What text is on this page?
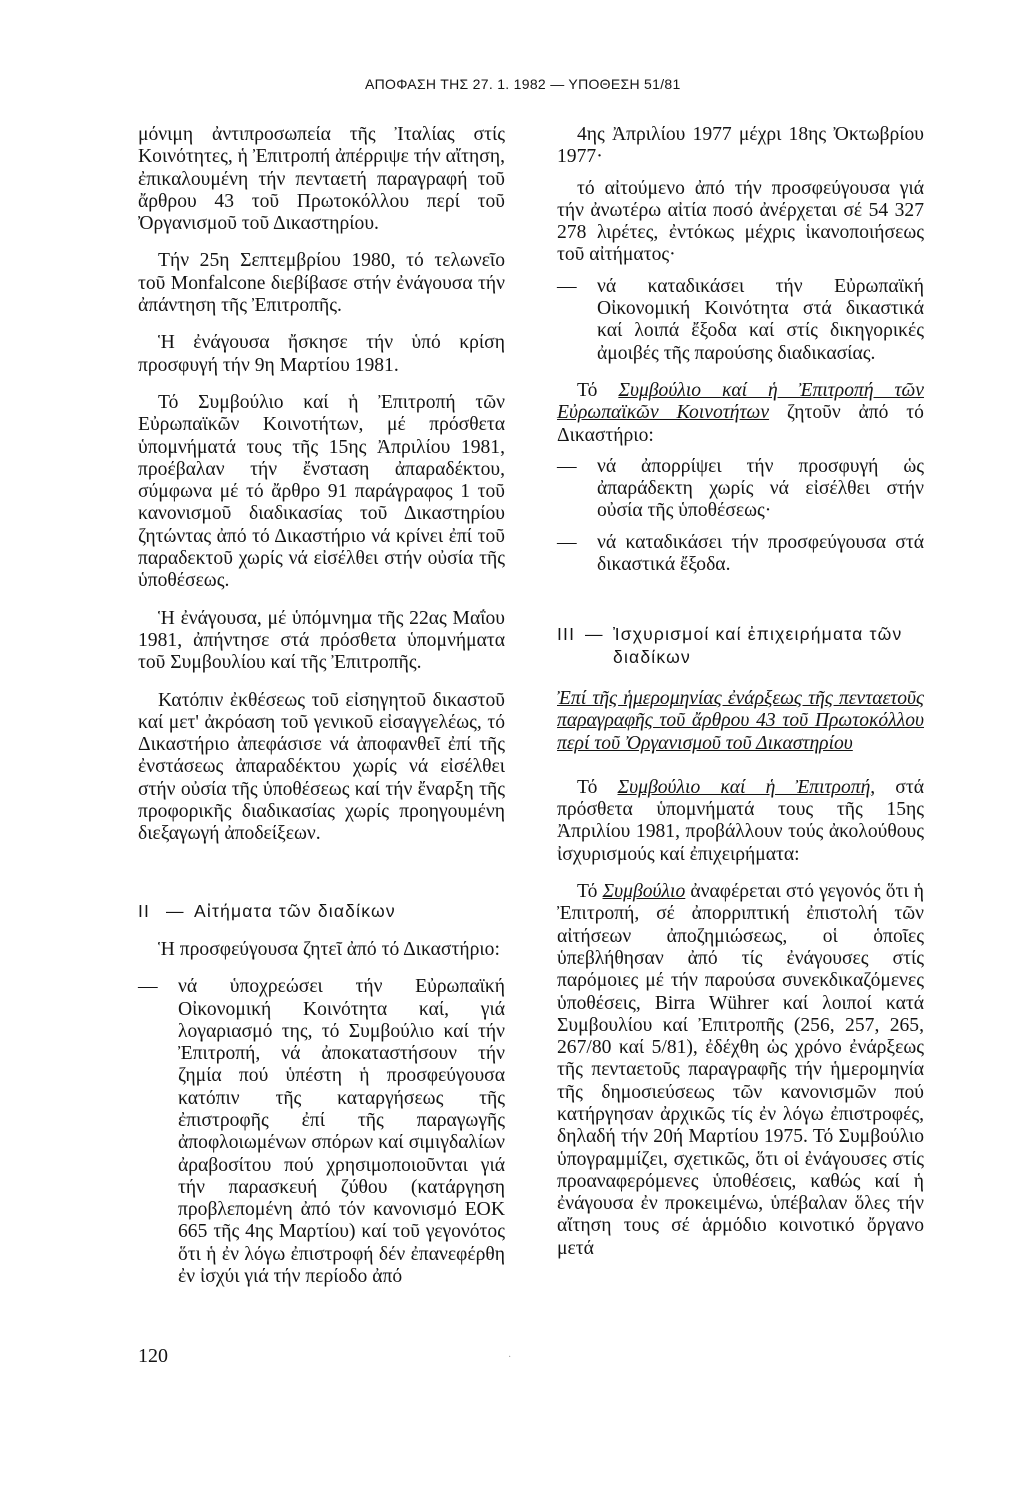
ΑΠΟΦΑΣΗ ΤΗΣ 27. 1. 1982 — ΥΠΟΘΕΣΗ 51/81

μόνιμη ἀντιπροσωπεία τῆς Ἰταλίας στίς Κοινότητες, ἡ Ἐπιτροπή ἀπέρριψε τήν αἴτηση, ἐπικαλουμένη τήν πενταετή παραγραφή τοῦ ἄρθρου 43 τοῦ Πρωτοκόλλου περί τοῦ Ὀργανισμοῦ τοῦ Δικαστηρίου.

Τήν 25η Σεπτεμβρίου 1980, τό τελωνεῖο τοῦ Monfalcone διεβίβασε στήν ἐνάγουσα τήν ἀπάντηση τῆς Ἐπιτροπῆς.

Ἡ ἐνάγουσα ἤσκησε τήν ὑπό κρίση προσφυγή τήν 9η Μαρτίου 1981.

Τό Συμβούλιο καί ἡ Ἐπιτροπή τῶν Εὐρωπαϊκῶν Κοινοτήτων, μέ πρόσθετα ὑπομνήματά τους τῆς 15ης Ἀπριλίου 1981, προέβαλαν τήν ἔνσταση ἀπαραδέκτου, σύμφωνα μέ τό ἄρθρο 91 παράγραφος 1 τοῦ κανονισμοῦ διαδικασίας τοῦ Δικαστηρίου ζητώντας ἀπό τό Δικαστήριο νά κρίνει ἐπί τοῦ παραδεκτοῦ χωρίς νά εἰσέλθει στήν οὐσία τῆς ὑποθέσεως.

Ἡ ἐνάγουσα, μέ ὑπόμνημα τῆς 22ας Μαΐου 1981, ἀπήντησε στά πρόσθετα ὑπομνήματα τοῦ Συμβουλίου καί τῆς Ἐπιτροπῆς.

Κατόπιν ἐκθέσεως τοῦ εἰσηγητοῦ δικαστοῦ καί μετ' ἀκρόαση τοῦ γενικοῦ εἰσαγγελέως, τό Δικαστήριο ἀπεφάσισε νά ἀποφανθεῖ ἐπί τῆς ἐνστάσεως ἀπαραδέκτου χωρίς νά εἰσέλθει στήν οὐσία τῆς ὑποθέσεως καί τήν ἔναρξη τῆς προφορικῆς διαδικασίας χωρίς προηγουμένη διεξαγωγή ἀποδείξεων.

II — Αἰτήματα τῶν διαδίκων

Ἡ προσφεύγουσα ζητεῖ ἀπό τό Δικαστήριο:

—	νά ὑποχρεώσει τήν Εὐρωπαϊκή Οἰκονομική Κοινότητα καί, γιά λογαριασμό της, τό Συμβούλιο καί τήν Ἐπιτροπή, νά ἀποκαταστήσουν τήν ζημία πού ὑπέστη ἡ προσφεύγουσα κατόπιν τῆς καταργήσεως τῆς ἐπιστροφῆς ἐπί τῆς παραγωγῆς ἀποφλοιωμένων σπόρων καί σιμιγδαλίων ἀραβοσίτου πού χρησιμοποιοῦνται γιά τήν παρασκευή ζύθου (κατάργηση προβλεπομένη ἀπό τόν κανονισμό ΕΟΚ 665 τῆς 4ης Μαρτίου) καί τοῦ γεγονότος ὅτι ἡ ἐν λόγω ἐπιστροφή δέν ἐπανεφέρθη ἐν ἰσχύι γιά τήν περίοδο ἀπό

4ης Ἀπριλίου 1977 μέχρι 18ης Ὀκτωβρίου 1977·

τό αἰτούμενο ἀπό τήν προσφεύγουσα γιά τήν ἀνωτέρω αἰτία ποσό ἀνέρχεται σέ 54 327 278 λιρέτες, ἐντόκως μέχρις ἱκανοποιήσεως τοῦ αἰτήματος·

—	νά καταδικάσει τήν Εὐρωπαϊκή Οἰκονομική Κοινότητα στά δικαστικά καί λοιπά ἔξοδα καί στίς δικηγορικές ἀμοιβές τῆς παρούσης διαδικασίας.

Τό Συμβούλιο καί ἡ Ἐπιτροπή τῶν Εὐρωπαϊκῶν Κοινοτήτων ζητοῦν ἀπό τό Δικαστήριο:

—	νά ἀπορρίψει τήν προσφυγή ὡς ἀπαράδεκτη χωρίς νά εἰσέλθει στήν οὐσία τῆς ὑποθέσεως·
—	νά καταδικάσει τήν προσφεύγουσα στά δικαστικά ἔξοδα.
III — Ἰσχυρισμοί καί ἐπιχειρήματα τῶν διαδίκων

Ἐπί τῆς ἡμερομηνίας ἐνάρξεως τῆς πενταετοῦς παραγραφῆς τοῦ ἄρθρου 43 τοῦ Πρωτοκόλλου περί τοῦ Ὀργανισμοῦ τοῦ Δικαστηρίου

Τό Συμβούλιο καί ἡ Ἐπιτροπή, στά πρόσθετα ὑπομνήματά τους τῆς 15ης Ἀπριλίου 1981, προβάλλουν τούς ἀκολούθους ἰσχυρισμούς καί ἐπιχειρήματα:

Τό Συμβούλιο ἀναφέρεται στό γεγονός ὅτι ἡ Ἐπιτροπή, σέ ἀπορριπτική ἐπιστολή τῶν αἰτήσεων ἀποζημιώσεως, οἱ ὁποῖες ὑπεβλήθησαν ἀπό τίς ἐνάγουσες στίς παρόμοιες μέ τήν παρούσα συνεκδικαζόμενες ὑποθέσεις, Birra Wührer καί λοιποί κατά Συμβουλίου καί Ἐπιτροπῆς (256, 257, 265, 267/80 καί 5/81), ἐδέχθη ὡς χρόνο ἐνάρξεως τῆς πενταετοῦς παραγραφῆς τήν ἡμερομηνία τῆς δημοσιεύσεως τῶν κανονισμῶν πού κατήργησαν ἀρχικῶς τίς ἐν λόγω ἐπιστροφές, δηλαδή τήν 20ή Μαρτίου 1975. Τό Συμβούλιο ὑπογραμμίζει, σχετικῶς, ὅτι οἱ ἐνάγουσες στίς προαναφερόμενες ὑποθέσεις, καθώς καί ἡ ἐνάγουσα ἐν προκειμένω, ὑπέβαλαν ὅλες τήν αἴτηση τους σέ ἁρμόδιο κοινοτικό ὄργανο μετά

120	·
